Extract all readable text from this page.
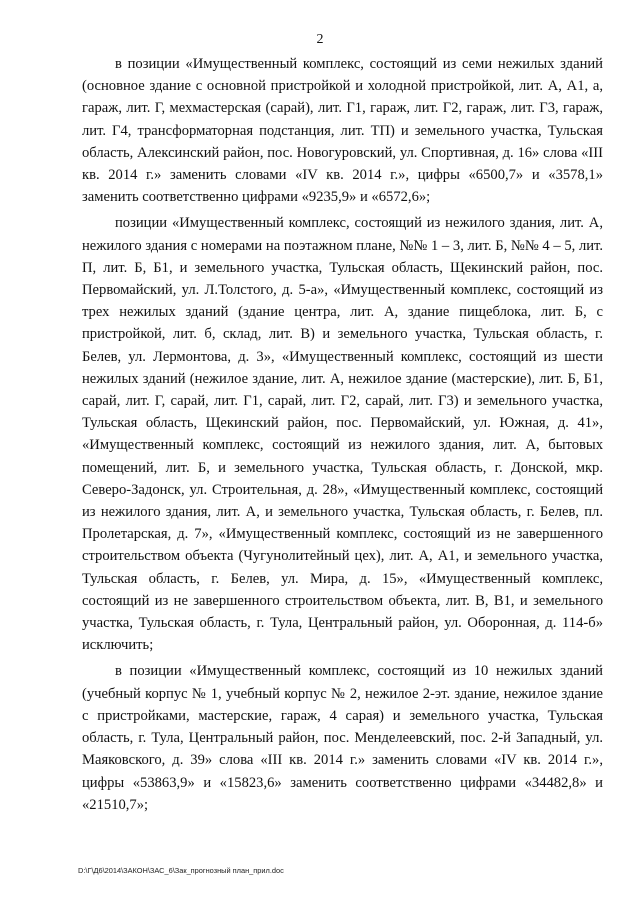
2

в позиции «Имущественный комплекс, состоящий из семи нежилых зданий (основное здание с основной пристройкой и холодной пристройкой, лит. А, А1, а, гараж, лит. Г, мехмастерская (сарай), лит. Г1, гараж, лит. Г2, гараж, лит. Г3, гараж, лит. Г4, трансформаторная подстанция, лит. ТП) и земельного участка, Тульская область, Алексинский район, пос. Новогуровский, ул. Спортивная, д. 16» слова «III кв. 2014 г.» заменить словами «IV кв. 2014 г.», цифры «6500,7» и «3578,1» заменить соответственно цифрами «9235,9» и «6572,6»;

позиции «Имущественный комплекс, состоящий из нежилого здания, лит. А, нежилого здания с номерами на поэтажном плане, №№ 1 – 3, лит. Б, №№ 4 – 5, лит. П, лит. Б, Б1, и земельного участка, Тульская область, Щекинский район, пос. Первомайский, ул. Л.Толстого, д. 5-а», «Имущественный комплекс, состоящий из трех нежилых зданий (здание центра, лит. А, здание пищеблока, лит. Б, с пристройкой, лит. б, склад, лит. В) и земельного участка, Тульская область, г. Белев, ул. Лермонтова, д. 3», «Имущественный комплекс, состоящий из шести нежилых зданий (нежилое здание, лит. А, нежилое здание (мастерские), лит. Б, Б1, сарай, лит. Г, сарай, лит. Г1, сарай, лит. Г2, сарай, лит. Г3) и земельного участка, Тульская область, Щекинский район, пос. Первомайский, ул. Южная, д. 41», «Имущественный комплекс, состоящий из нежилого здания, лит. А, бытовых помещений, лит. Б, и земельного участка, Тульская область, г. Донской, мкр. Северо-Задонск, ул. Строительная, д. 28», «Имущественный комплекс, состоящий из нежилого здания, лит. А, и земельного участка, Тульская область, г. Белев, пл. Пролетарская, д. 7», «Имущественный комплекс, состоящий из не завершенного строительством объекта (Чугунолитейный цех), лит. А, А1, и земельного участка, Тульская область, г. Белев, ул. Мира, д. 15», «Имущественный комплекс, состоящий из не завершенного строительством объекта, лит. В, В1, и земельного участка, Тульская область, г. Тула, Центральный район, ул. Оборонная, д. 114-б» исключить;

в позиции «Имущественный комплекс, состоящий из 10 нежилых зданий (учебный корпус № 1, учебный корпус № 2, нежилое 2-эт. здание, нежилое здание с пристройками, мастерские, гараж, 4 сарая) и земельного участка, Тульская область, г. Тула, Центральный район, пос. Менделеевский, пос. 2-й Западный, ул. Маяковского, д. 39» слова «III кв. 2014 г.» заменить словами «IV кв. 2014 г.», цифры «53863,9» и «15823,6» заменить соответственно цифрами «34482,8» и «21510,7»;

D:\Г\Д6\2014\ЗАКОН\ЗАС_6\Зак_прогнозный план_прил.doc
